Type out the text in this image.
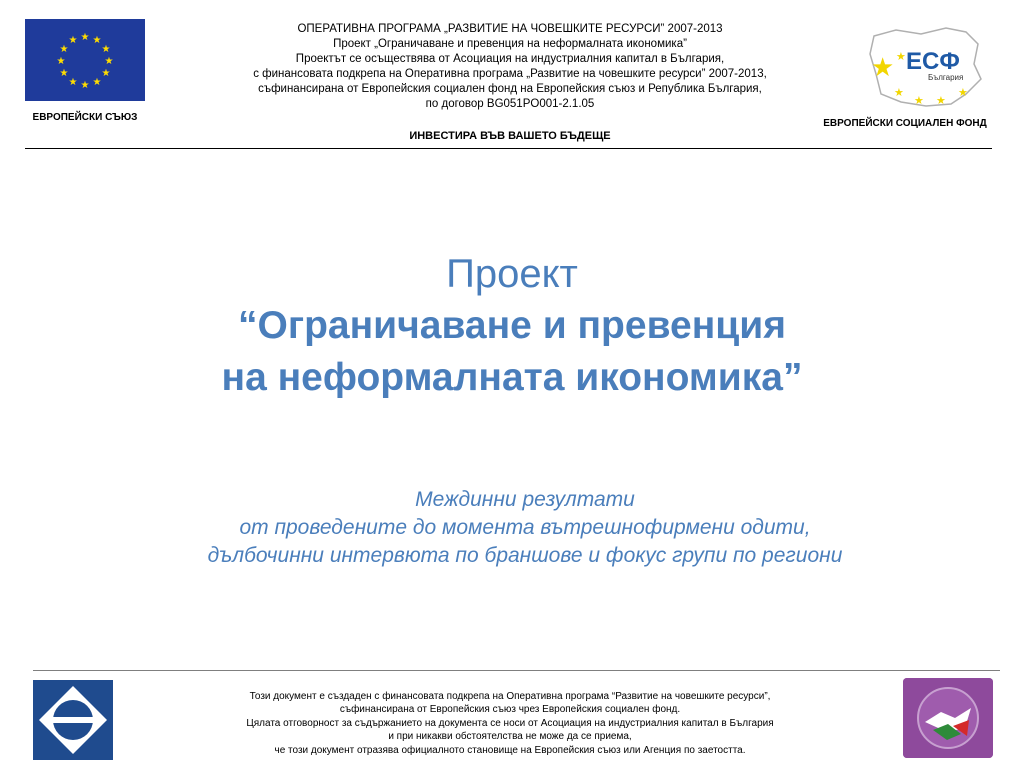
★ ★
★
★
★
★
★
★
★
★
★
★
ЕВРОПЕЙСКИ СЪЮЗ
ОПЕРАТИВНА ПРОГРАМА „РАЗВИТИЕ НА ЧОВЕШКИТЕ РЕСУРСИ” 2007-2013
Проект „Ограничаване и превенция на неформалната икономика”
Проектът се осъществява от Асоциация на индустриалния капитал в България,
с финансовата подкрепа на Оперативна програма „Развитие на човешките ресурси” 2007-2013,
съфинансирана от Европейския социален фонд на Европейския съюз и Република България,
по договор BG051PO001-2.1.05
ИНВЕСТИРА ВЪВ ВАШЕТО БЪДЕЩЕ
★ ★
★
★ ★
★
ЕСФ
България
ЕВРОПЕЙСКИ СОЦИАЛЕН ФОНД
Проект
“Ограничаване и превенция
на неформалната икономика”
Междинни резултати
от проведените до момента вътрешнофирмени одити,
дълбочинни интервюта по браншове и фокус групи по региони
Този документ е създаден с финансовата подкрепа на Оперативна програма “Развитие на човешките ресурси”,
съфинансирана от Европейския съюз чрез Европейския социален фонд.
Цялата отговорност за съдържанието на документа се носи от Асоциация на индустриалния капитал в България
и при никакви обстоятелства не може да се приема,
че този документ отразява официалното становище на Европейския съюз или Агенция по заетостта.
